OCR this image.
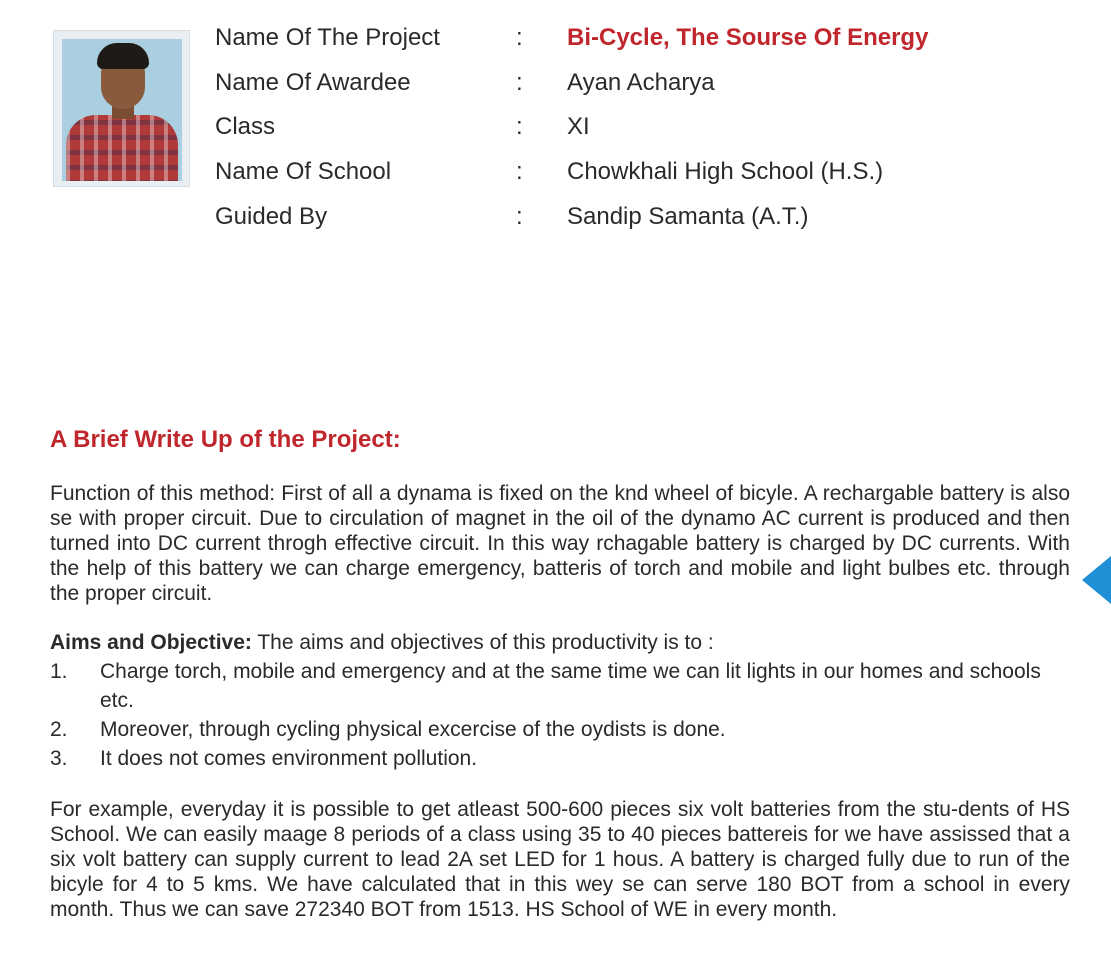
Name Of The Project	: Bi-Cycle, The Sourse Of Energy
Name Of Awardee	: Ayan Acharya
Class	: XI
Name Of School	: Chowkhali High School (H.S.)
Guided By	: Sandip Samanta (A.T.)
A Brief Write Up of the Project:

Function of this method: First of all a dynama is fixed on the knd wheel of bicyle. A rechargable battery is also se with proper circuit. Due to circulation of magnet in the oil of the dynamo AC current is produced and then turned into DC current throgh effective circuit. In this way rchagable battery is charged by DC currents. With the help of this battery we can charge emergency, batteris of torch and mobile and light bulbes etc. through the proper circuit.

Aims and Objective: The aims and objectives of this productivity is to :

1. Charge torch, mobile and emergency and at the same time we can lit lights in our homes and schools etc.
2. Moreover, through cycling physical excercise of the oydists is done.
3. It does not comes environment pollution.

For example, everyday it is possible to get atleast 500-600 pieces six volt batteries from the stu-dents of HS School. We can easily maage 8 periods of a class using 35 to 40 pieces battereis for we have assissed that a six volt battery can supply current to lead 2A set LED for 1 hous. A battery is charged fully due to run of the bicyle for 4 to 5 kms. We have calculated that in this wey se can serve 180 BOT from a school in every month. Thus we can save 272340 BOT from 1513. HS School of WE in every month.
